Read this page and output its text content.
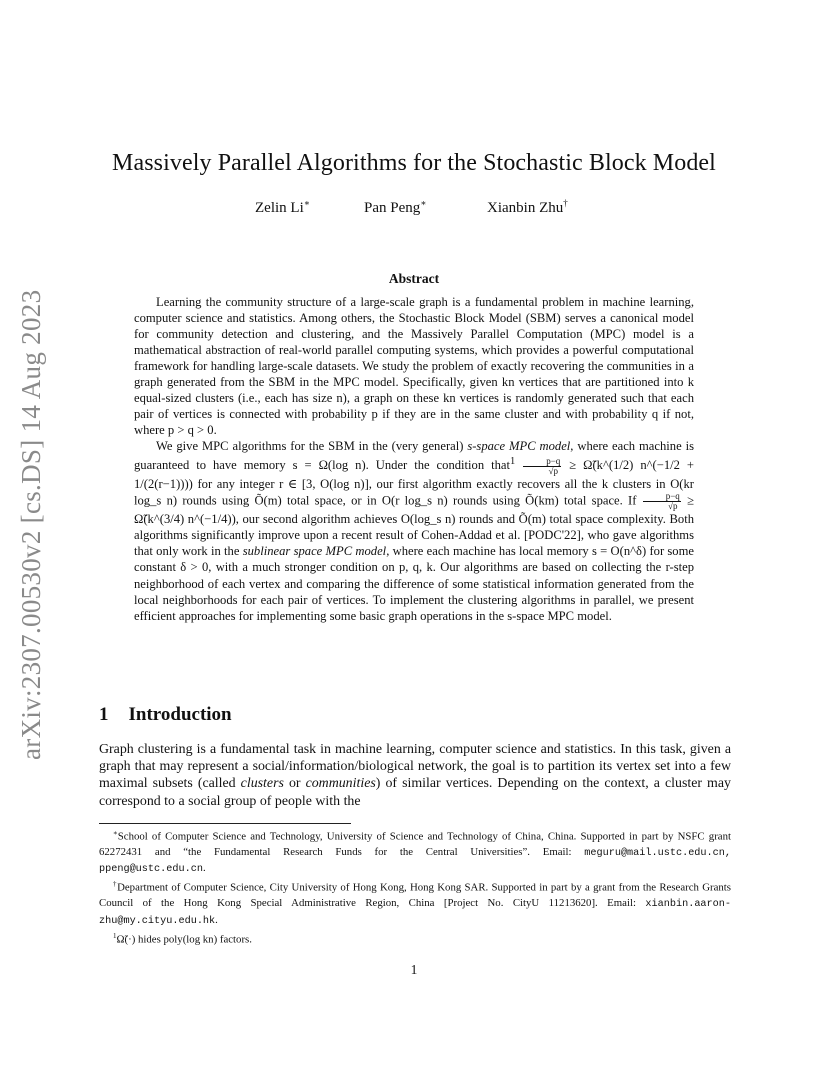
arXiv:2307.00530v2 [cs.DS] 14 Aug 2023
Massively Parallel Algorithms for the Stochastic Block Model
Zelin Li∗	Pan Peng∗	Xianbin Zhu†
Abstract

Learning the community structure of a large-scale graph is a fundamental problem in machine learning, computer science and statistics. Among others, the Stochastic Block Model (SBM) serves a canonical model for community detection and clustering, and the Massively Parallel Computation (MPC) model is a mathematical abstraction of real-world parallel computing systems, which provides a powerful computational framework for handling large-scale datasets. We study the problem of exactly recovering the communities in a graph generated from the SBM in the MPC model. Specifically, given kn vertices that are partitioned into k equal-sized clusters (i.e., each has size n), a graph on these kn vertices is randomly generated such that each pair of vertices is connected with probability p if they are in the same cluster and with probability q if not, where p > q > 0.

We give MPC algorithms for the SBM in the (very general) s-space MPC model, where each machine is guaranteed to have memory s = Ω(log n). Under the condition that$^1$ $\frac{p-q}{√p}$ ≥ Ω̃(k^(1/2) n^(−1/2 + 1/(2(r−1)))) for any integer r ∈ [3, O(log n)], our first algorithm exactly recovers all the k clusters in O(kr log_s n) rounds using Õ(m) total space, or in O(r log_s n) rounds using Õ(km) total space. If $\frac{p-q}{√p}$ ≥ Ω̃(k^(3/4) n^(−1/4)), our second algorithm achieves O(log_s n) rounds and Õ(m) total space complexity. Both algorithms significantly improve upon a recent result of Cohen-Addad et al. [PODC'22], who gave algorithms that only work in the sublinear space MPC model, where each machine has local memory s = O(n^δ) for some constant δ > 0, with a much stronger condition on p, q, k. Our algorithms are based on collecting the r-step neighborhood of each vertex and comparing the difference of some statistical information generated from the local neighborhoods for each pair of vertices. To implement the clustering algorithms in parallel, we present efficient approaches for implementing some basic graph operations in the s-space MPC model.

1 Introduction

Graph clustering is a fundamental task in machine learning, computer science and statistics. In this task, given a graph that may represent a social/information/biological network, the goal is to partition its vertex set into a few maximal subsets (called clusters or communities) of similar vertices. Depending on the context, a cluster may correspond to a social group of people with the

∗School of Computer Science and Technology, University of Science and Technology of China, China. Supported in part by NSFC grant 62272431 and “the Fundamental Research Funds for the Central Universities”. Email: meguru@mail.ustc.edu.cn, ppeng@ustc.edu.cn.

†Department of Computer Science, City University of Hong Kong, Hong Kong SAR. Supported in part by a grant from the Research Grants Council of the Hong Kong Special Administrative Region, China [Project No. CityU 11213620]. Email: xianbin.aaron-zhu@my.cityu.edu.hk.

$^1$Ω̃(·) hides poly(log kn) factors.

1
